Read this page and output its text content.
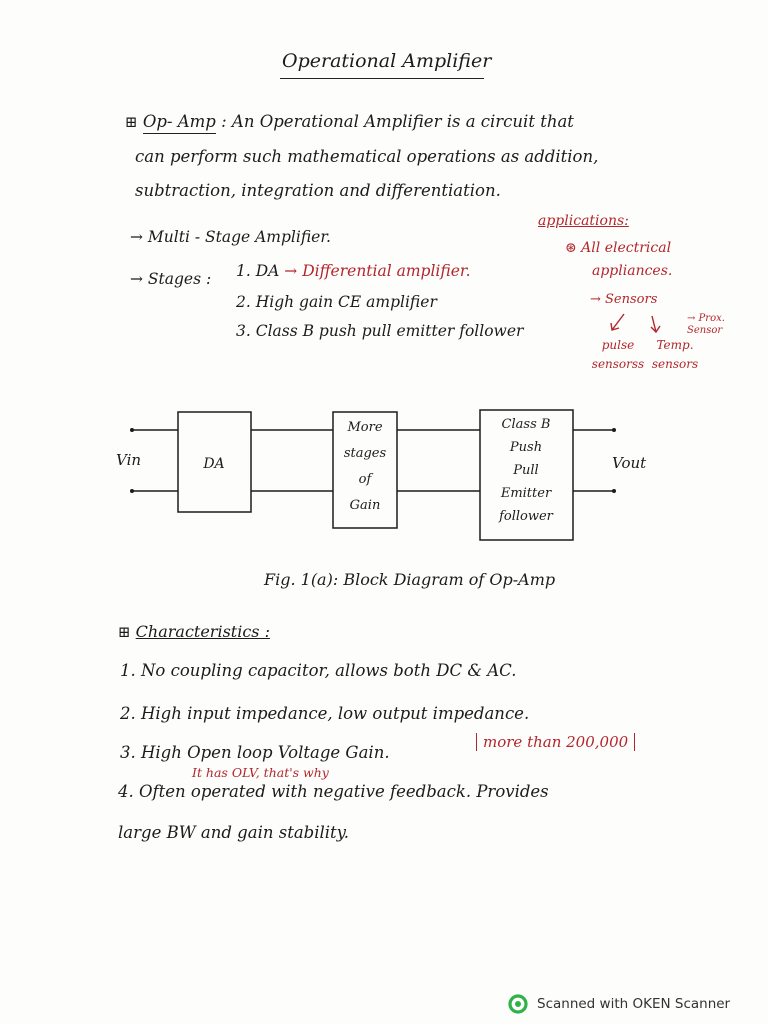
Operational Amplifier
⊞ Op- Amp : An Operational Amplifier is a circuit that
can perform such mathematical operations as addition,
subtraction, integration and differentiation.
→ Multi - Stage Amplifier.
→ Stages : 1. DA → Differential amplifier.
2. High gain CE amplifier
3. Class B push pull emitter follower
applications:
⊛ All electrical
appliances.
→ Sensors
pulse sensorss
Temp. sensors
→ Prox. Sensor
Vin	Vout
DA
More
stages
of
Gain
Class B
Push
Pull
Emitter
follower
Fig. 1(a): Block Diagram of Op-Amp
⊞ Characteristics :
1. No coupling capacitor, allows both DC & AC.
2. High input impedance, low output impedance.
3. High Open loop Voltage Gain.
more than 200,000
It has OLV, that's why
4. Often operated with negative feedback. Provides
large BW and gain stability.
Scanned with OKEN Scanner
